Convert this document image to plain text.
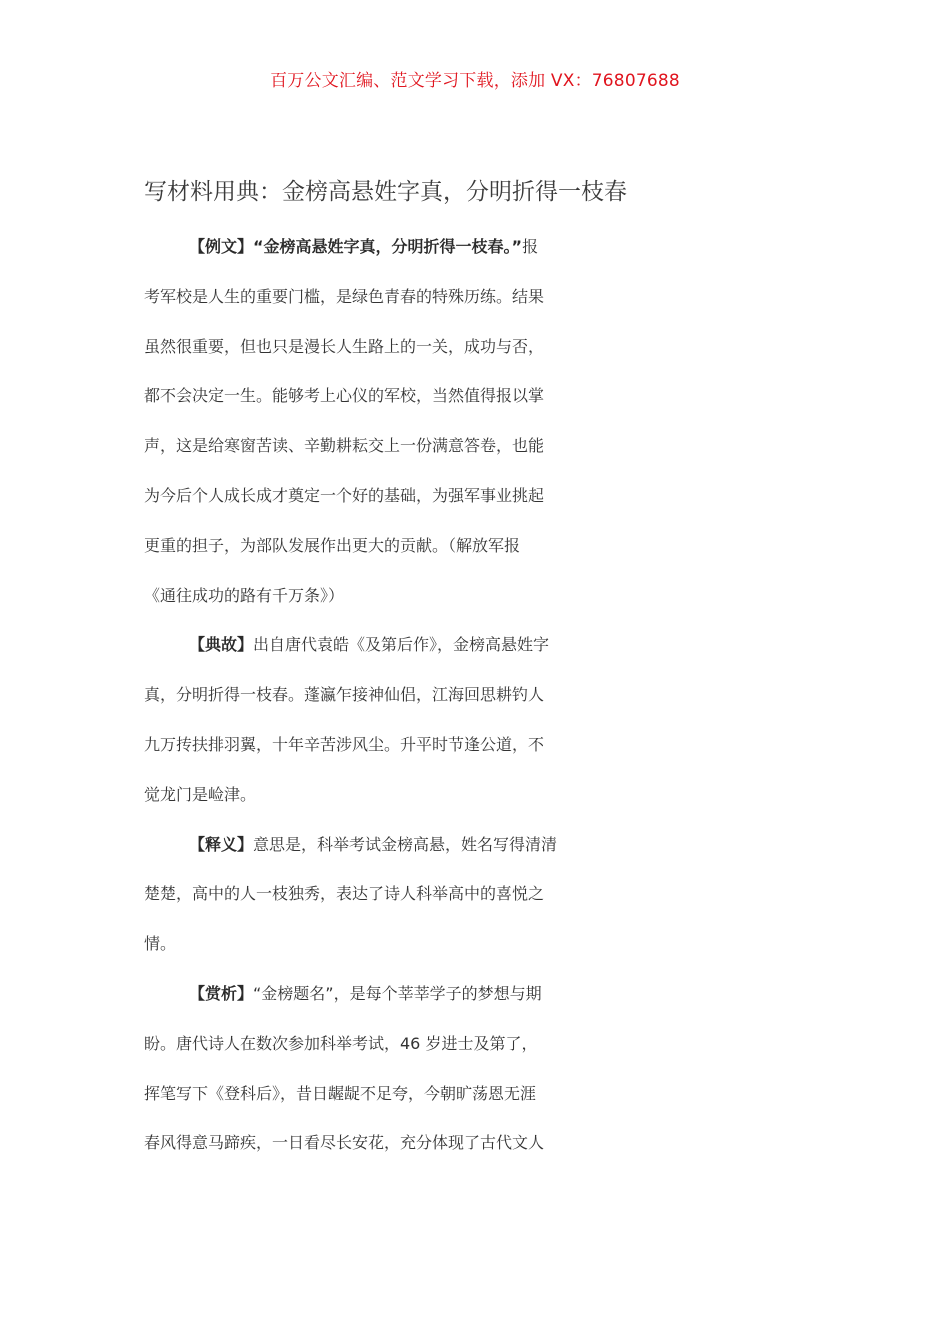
百万公文汇编、范文学习下载，添加 VX：76807688
写材料用典：金榜高悬姓字真，分明折得一枝春
【例文】“金榜高悬姓字真，分明折得一枝春。”报
考军校是人生的重要门槛，是绿色青春的特殊历练。结果
虽然很重要，但也只是漫长人生路上的一关，成功与否，
都不会决定一生。能够考上心仪的军校，当然值得报以掌
声，这是给寒窗苦读、辛勤耕耘交上一份满意答卷，也能
为今后个人成长成才奠定一个好的基础，为强军事业挑起
更重的担子，为部队发展作出更大的贡献。（解放军报
《通往成功的路有千万条》）
【典故】出自唐代袁皓《及第后作》，金榜高悬姓字
真，分明折得一枝春。蓬瀛乍接神仙侣，江海回思耕钓人
九万抟扶排羽翼，十年辛苦涉风尘。升平时节逢公道，不
觉龙门是崄津。
【释义】意思是，科举考试金榜高悬，姓名写得清清
楚楚，高中的人一枝独秀，表达了诗人科举高中的喜悦之
情。
【赏析】“金榜题名”，是每个莘莘学子的梦想与期
盼。唐代诗人在数次参加科举考试，46 岁进士及第了，
挥笔写下《登科后》，昔日龌龊不足夸，今朝旷荡恩无涯
春风得意马蹄疾，一日看尽长安花，充分体现了古代文人
